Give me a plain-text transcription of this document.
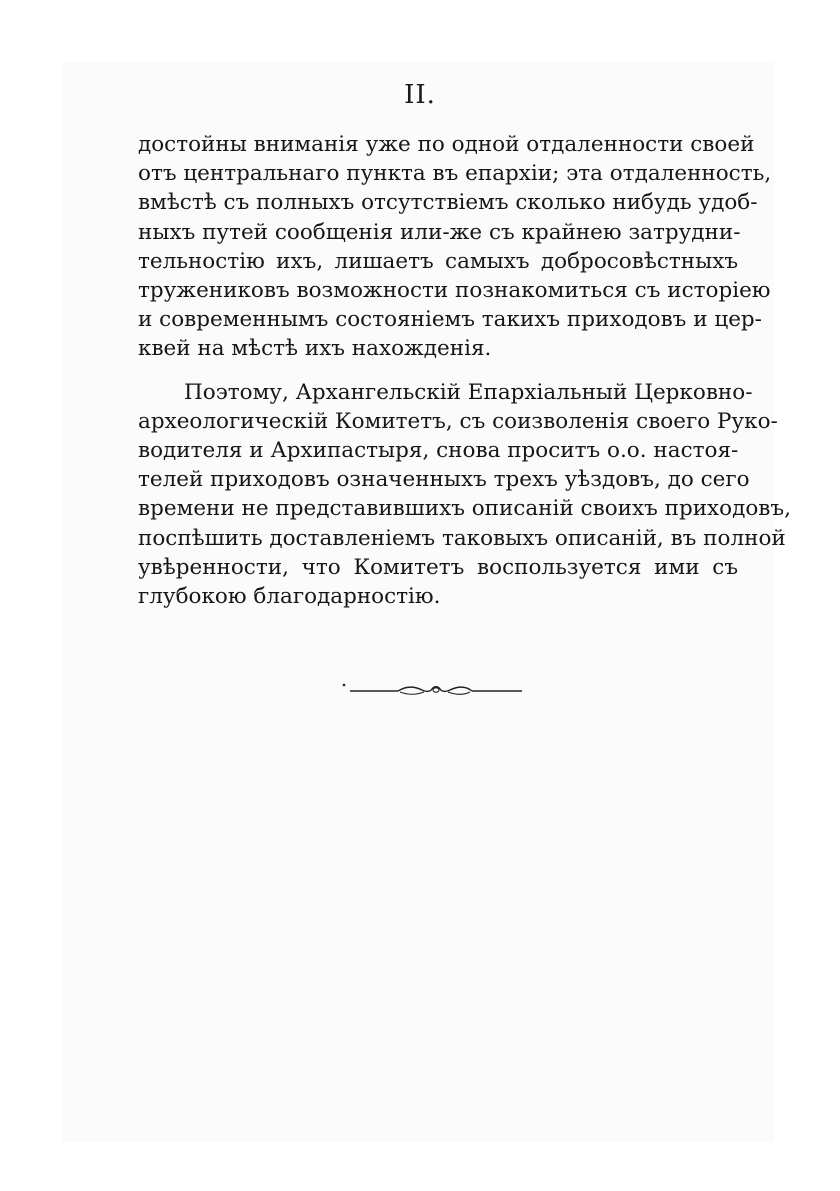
II.
достойны вниманія уже по одной отдаленности своей
отъ центральнаго пункта въ епархіи; эта отдаленность,
вмѣстѣ съ полныхъ отсутствіемъ сколько нибудь удоб-
ныхъ путей сообщенія или-же съ крайнею затрудни-
тельностію ихъ, лишаетъ самыхъ добросовѣстныхъ
тружениковъ возможности познакомиться съ исторіею
и современнымъ состояніемъ такихъ приходовъ и цер-
квей на мѣстѣ ихъ нахожденія.
Поэтому, Архангельскій Епархіальный Церковно-
археологическій Комитетъ, съ соизволенія своего Руко-
водителя и Архипастыря, снова проситъ о.о. настоя-
телей приходовъ означенныхъ трехъ уѣздовъ, до сего
времени не представившихъ описаній своихъ приходовъ,
поспѣшить доставленіемъ таковыхъ описаній, въ полной
увѣренности, что Комитетъ воспользуется ими съ
глубокою благодарностію.
